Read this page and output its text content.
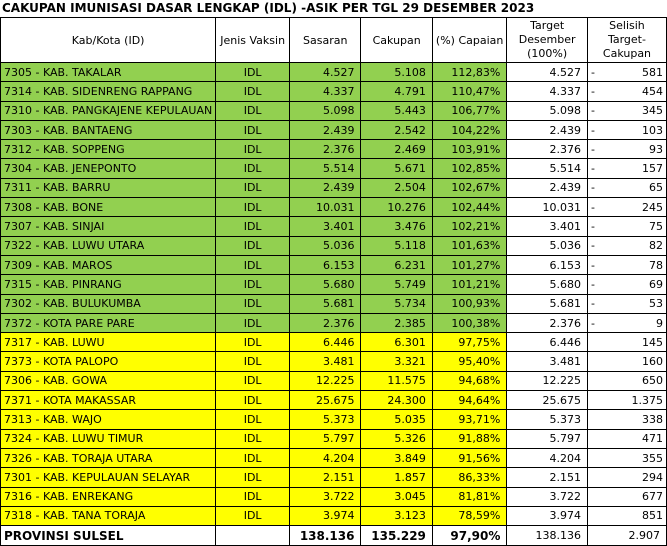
CAKUPAN IMUNISASI DASAR LENGKAP (IDL) -ASIK PER TGL 29 DESEMBER 2023
Kab/Kota (ID)	Jenis Vaksin	Sasaran	Cakupan	(%) Capaian	Target Desember (100%)	Selisih Target-Cakupan
7305 - KAB. TAKALAR	IDL	4.527	5.108	112,83%	4.527	- 581

7314 - KAB. SIDENRENG RAPPANG	IDL	4.337	4.791	110,47%	4.337	- 454

7310 - KAB. PANGKAJENE KEPULAUAN	IDL	5.098	5.443	106,77%	5.098	- 345

7303 - KAB. BANTAENG	IDL	2.439	2.542	104,22%	2.439	- 103

7312 - KAB. SOPPENG	IDL	2.376	2.469	103,91%	2.376	- 93

7304 - KAB. JENEPONTO	IDL	5.514	5.671	102,85%	5.514	- 157

7311 - KAB. BARRU	IDL	2.439	2.504	102,67%	2.439	- 65

7308 - KAB. BONE	IDL	10.031	10.276	102,44%	10.031	- 245

7307 - KAB. SINJAI	IDL	3.401	3.476	102,21%	3.401	- 75

7322 - KAB. LUWU UTARA	IDL	5.036	5.118	101,63%	5.036	- 82

7309 - KAB. MAROS	IDL	6.153	6.231	101,27%	6.153	- 78

7315 - KAB. PINRANG	IDL	5.680	5.749	101,21%	5.680	- 69

7302 - KAB. BULUKUMBA	IDL	5.681	5.734	100,93%	5.681	- 53

7372 - KOTA PARE PARE	IDL	2.376	2.385	100,38%	2.376	- 9

7317 - KAB. LUWU	IDL	6.446	6.301	97,75%	6.446	145

7373 - KOTA PALOPO	IDL	3.481	3.321	95,40%	3.481	160

7306 - KAB. GOWA	IDL	12.225	11.575	94,68%	12.225	650

7371 - KOTA MAKASSAR	IDL	25.675	24.300	94,64%	25.675	1.375

7313 - KAB. WAJO	IDL	5.373	5.035	93,71%	5.373	338

7324 - KAB. LUWU TIMUR	IDL	5.797	5.326	91,88%	5.797	471

7326 - KAB. TORAJA UTARA	IDL	4.204	3.849	91,56%	4.204	355

7301 - KAB. KEPULAUAN SELAYAR	IDL	2.151	1.857	86,33%	2.151	294

7316 - KAB. ENREKANG	IDL	3.722	3.045	81,81%	3.722	677

7318 - KAB. TANA TORAJA	IDL	3.974	3.123	78,59%	3.974	851

PROVINSI SULSEL		138.136	135.229	97,90%	138.136	2.907
